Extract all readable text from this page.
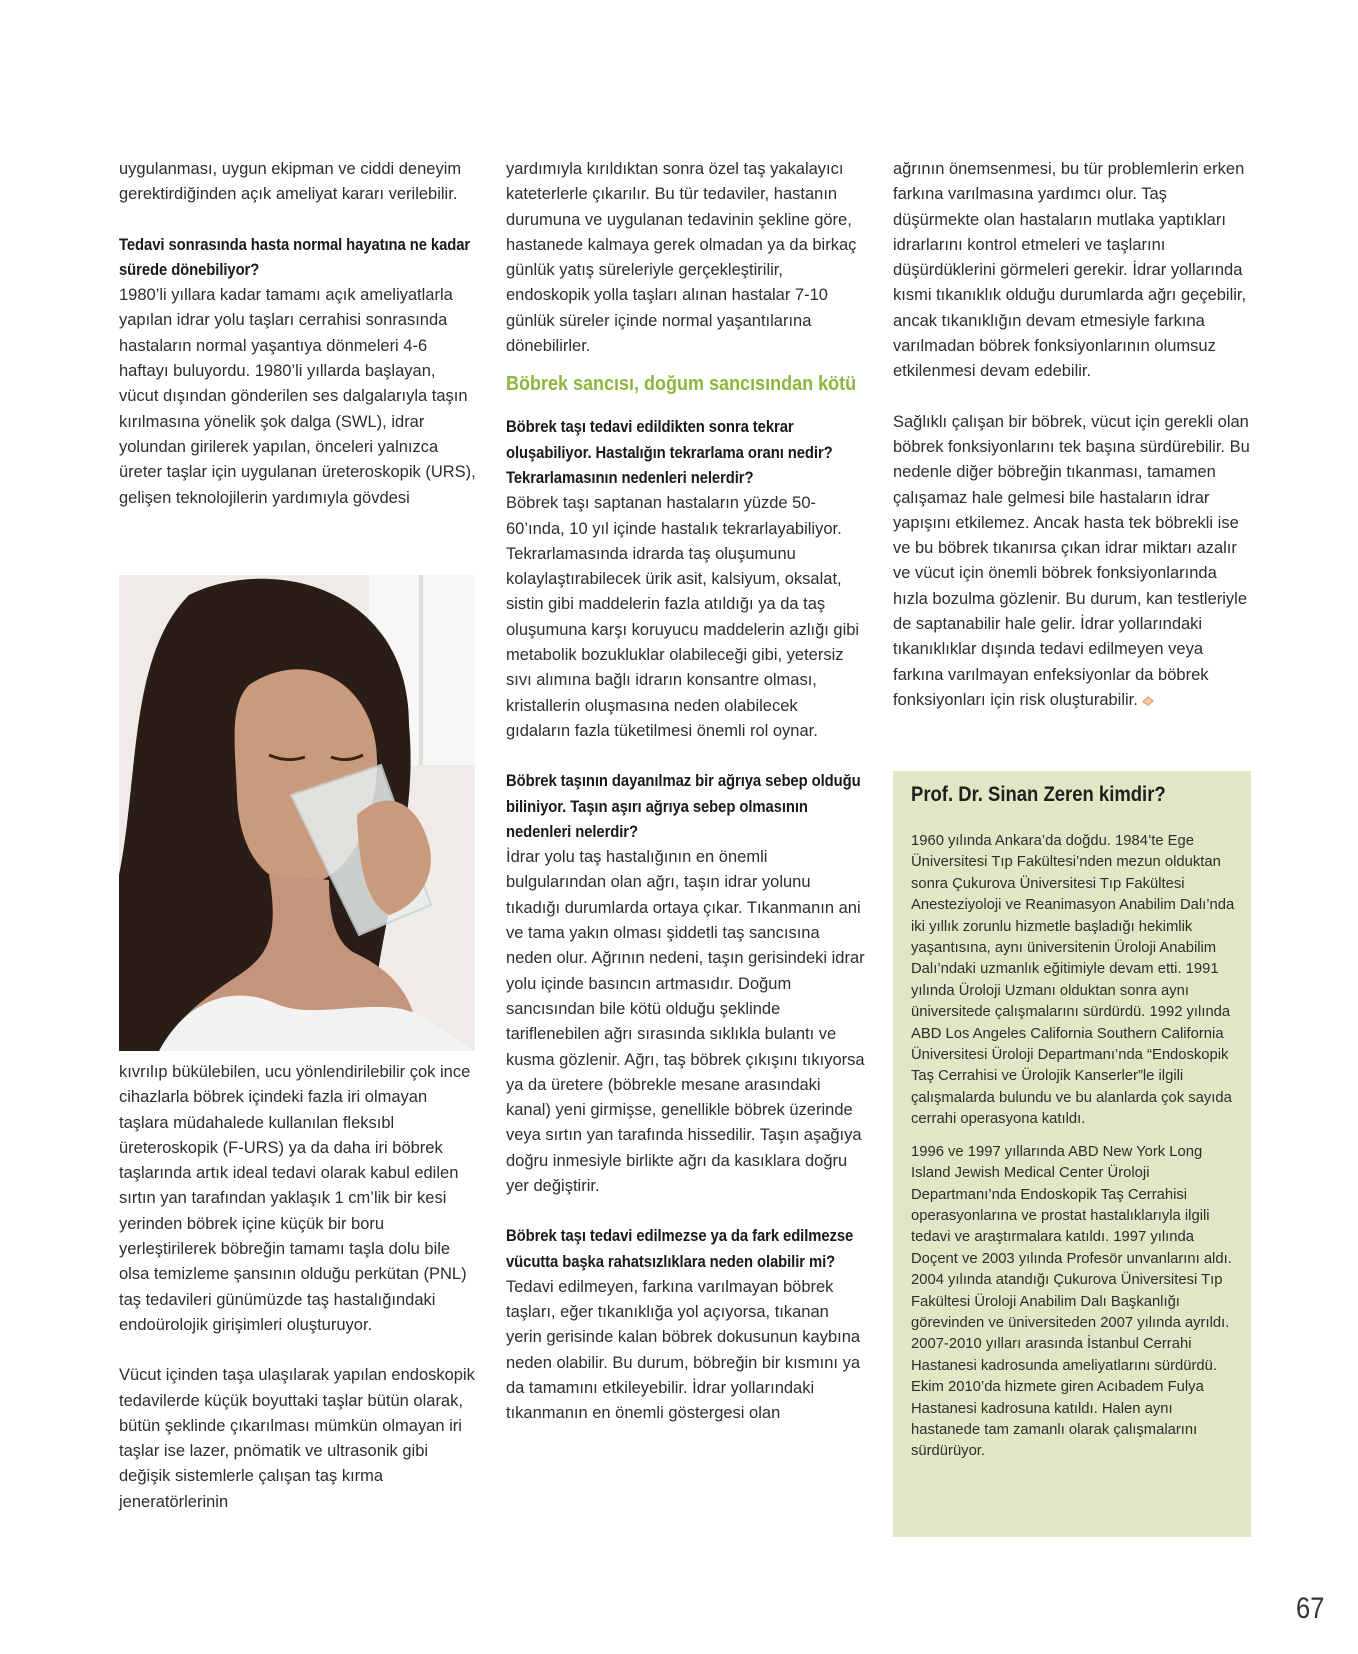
uygulanması, uygun ekipman ve ciddi deneyim gerektirdiğinden açık ameliyat kararı verilebilir.

Tedavi sonrasında hasta normal hayatına ne kadar sürede dönebiliyor?

1980’li yıllara kadar tamamı açık ameliyatlarla yapılan idrar yolu taşları cerrahisi sonrasında hastaların normal yaşantıya dönmeleri 4-6 haftayı buluyordu. 1980’li yıllarda başlayan, vücut dışından gönderilen ses dalgalarıyla taşın kırılmasına yönelik şok dalga (SWL), idrar yolundan girilerek yapılan, önceleri yalnızca üreter taşlar için uygulanan üreteroskopik (URS), gelişen teknolojilerin yardımıyla gövdesi

kıvrılıp bükülebilen, ucu yönlendirilebilir çok ince cihazlarla böbrek içindeki fazla iri olmayan taşlara müdahalede kullanılan fleksıbl üreteroskopik (F-URS) ya da daha iri böbrek taşlarında artık ideal tedavi olarak kabul edilen sırtın yan tarafından yaklaşık 1 cm’lik bir kesi yerinden böbrek içine küçük bir boru yerleştirilerek böbreğin tamamı taşla dolu bile olsa temizleme şansının olduğu perkütan (PNL) taş tedavileri günümüzde taş hastalığındaki endoürolojik girişimleri oluşturuyor.

Vücut içinden taşa ulaşılarak yapılan endoskopik tedavilerde küçük boyuttaki taşlar bütün olarak, bütün şeklinde çıkarılması mümkün olmayan iri taşlar ise lazer, pnömatik ve ultrasonik gibi değişik sistemlerle çalışan taş kırma jeneratörlerinin

yardımıyla kırıldıktan sonra özel taş yakalayıcı kateterlerle çıkarılır. Bu tür tedaviler, hastanın durumuna ve uygulanan tedavinin şekline göre, hastanede kalmaya gerek olmadan ya da birkaç günlük yatış süreleriyle gerçekleştirilir, endoskopik yolla taşları alınan hastalar 7-10 günlük süreler içinde normal yaşantılarına dönebilirler.

Böbrek sancısı, doğum sancısından kötü

Böbrek taşı tedavi edildikten sonra tekrar oluşabiliyor. Hastalığın tekrarlama oranı nedir? Tekrarlamasının nedenleri nelerdir?

Böbrek taşı saptanan hastaların yüzde 50-60’ında, 10 yıl içinde hastalık tekrarlayabiliyor. Tekrarlamasında idrarda taş oluşumunu kolaylaştırabilecek ürik asit, kalsiyum, oksalat, sistin gibi maddelerin fazla atıldığı ya da taş oluşumuna karşı koruyucu maddelerin azlığı gibi metabolik bozukluklar olabileceği gibi, yetersiz sıvı alımına bağlı idrarın konsantre olması, kristallerin oluşmasına neden olabilecek gıdaların fazla tüketilmesi önemli rol oynar.

Böbrek taşının dayanılmaz bir ağrıya sebep olduğu biliniyor. Taşın aşırı ağrıya sebep olmasının nedenleri nelerdir?

İdrar yolu taş hastalığının en önemli bulgularından olan ağrı, taşın idrar yolunu tıkadığı durumlarda ortaya çıkar. Tıkanmanın ani ve tama yakın olması şiddetli taş sancısına neden olur. Ağrının nedeni, taşın gerisindeki idrar yolu içinde basıncın artmasıdır. Doğum sancısından bile kötü olduğu şeklinde tariflenebilen ağrı sırasında sıklıkla bulantı ve kusma gözlenir. Ağrı, taş böbrek çıkışını tıkıyorsa ya da üretere (böbrekle mesane arasındaki kanal) yeni girmişse, genellikle böbrek üzerinde veya sırtın yan tarafında hissedilir. Taşın aşağıya doğru inmesiyle birlikte ağrı da kasıklara doğru yer değiştirir.

Böbrek taşı tedavi edilmezse ya da fark edilmezse vücutta başka rahatsızlıklara neden olabilir mi?

Tedavi edilmeyen, farkına varılmayan böbrek taşları, eğer tıkanıklığa yol açıyorsa, tıkanan yerin gerisinde kalan böbrek dokusunun kaybına neden olabilir. Bu durum, böbreğin bir kısmını ya da tamamını etkileyebilir. İdrar yollarındaki tıkanmanın en önemli göstergesi olan

ağrının önemsenmesi, bu tür problemlerin erken farkına varılmasına yardımcı olur. Taş düşürmekte olan hastaların mutlaka yaptıkları idrarlarını kontrol etmeleri ve taşlarını düşürdüklerini görmeleri gerekir. İdrar yollarında kısmi tıkanıklık olduğu durumlarda ağrı geçebilir, ancak tıkanıklığın devam etmesiyle farkına varılmadan böbrek fonksiyonlarının olumsuz etkilenmesi devam edebilir.

Sağlıklı çalışan bir böbrek, vücut için gerekli olan böbrek fonksiyonlarını tek başına sürdürebilir. Bu nedenle diğer böbreğin tıkanması, tamamen çalışamaz hale gelmesi bile hastaların idrar yapışını etkilemez. Ancak hasta tek böbrekli ise ve bu böbrek tıkanırsa çıkan idrar miktarı azalır ve vücut için önemli böbrek fonksiyonlarında hızla bozulma gözlenir. Bu durum, kan testleriyle de saptanabilir hale gelir. İdrar yollarındaki tıkanıklıklar dışında tedavi edilmeyen veya farkına varılmayan enfeksiyonlar da böbrek fonksiyonları için risk oluşturabilir.

Prof. Dr. Sinan Zeren kimdir?

1960 yılında Ankara’da doğdu. 1984’te Ege Üniversitesi Tıp Fakültesi’nden mezun olduktan sonra Çukurova Üniversitesi Tıp Fakültesi Anesteziyoloji ve Reanimasyon Anabilim Dalı’nda iki yıllık zorunlu hizmetle başladığı hekimlik yaşantısına, aynı üniversitenin Üroloji Anabilim Dalı’ndaki uzmanlık eğitimiyle devam etti. 1991 yılında Üroloji Uzmanı olduktan sonra aynı üniversitede çalışmalarını sürdürdü. 1992 yılında ABD Los Angeles California Southern California Üniversitesi Üroloji Departmanı’nda “Endoskopik Taş Cerrahisi ve Ürolojik Kanserler”le ilgili çalışmalarda bulundu ve bu alanlarda çok sayıda cerrahi operasyona katıldı.

1996 ve 1997 yıllarında ABD New York Long Island Jewish Medical Center Üroloji Departmanı’nda Endoskopik Taş Cerrahisi operasyonlarına ve prostat hastalıklarıyla ilgili tedavi ve araştırmalara katıldı. 1997 yılında Doçent ve 2003 yılında Profesör unvanlarını aldı. 2004 yılında atandığı Çukurova Üniversitesi Tıp Fakültesi Üroloji Anabilim Dalı Başkanlığı görevinden ve üniversiteden 2007 yılında ayrıldı. 2007-2010 yılları arasında İstanbul Cerrahi Hastanesi kadrosunda ameliyatlarını sürdürdü. Ekim 2010’da hizmete giren Acıbadem Fulya Hastanesi kadrosuna katıldı. Halen aynı hastanede tam zamanlı olarak çalışmalarını sürdürüyor.

67
